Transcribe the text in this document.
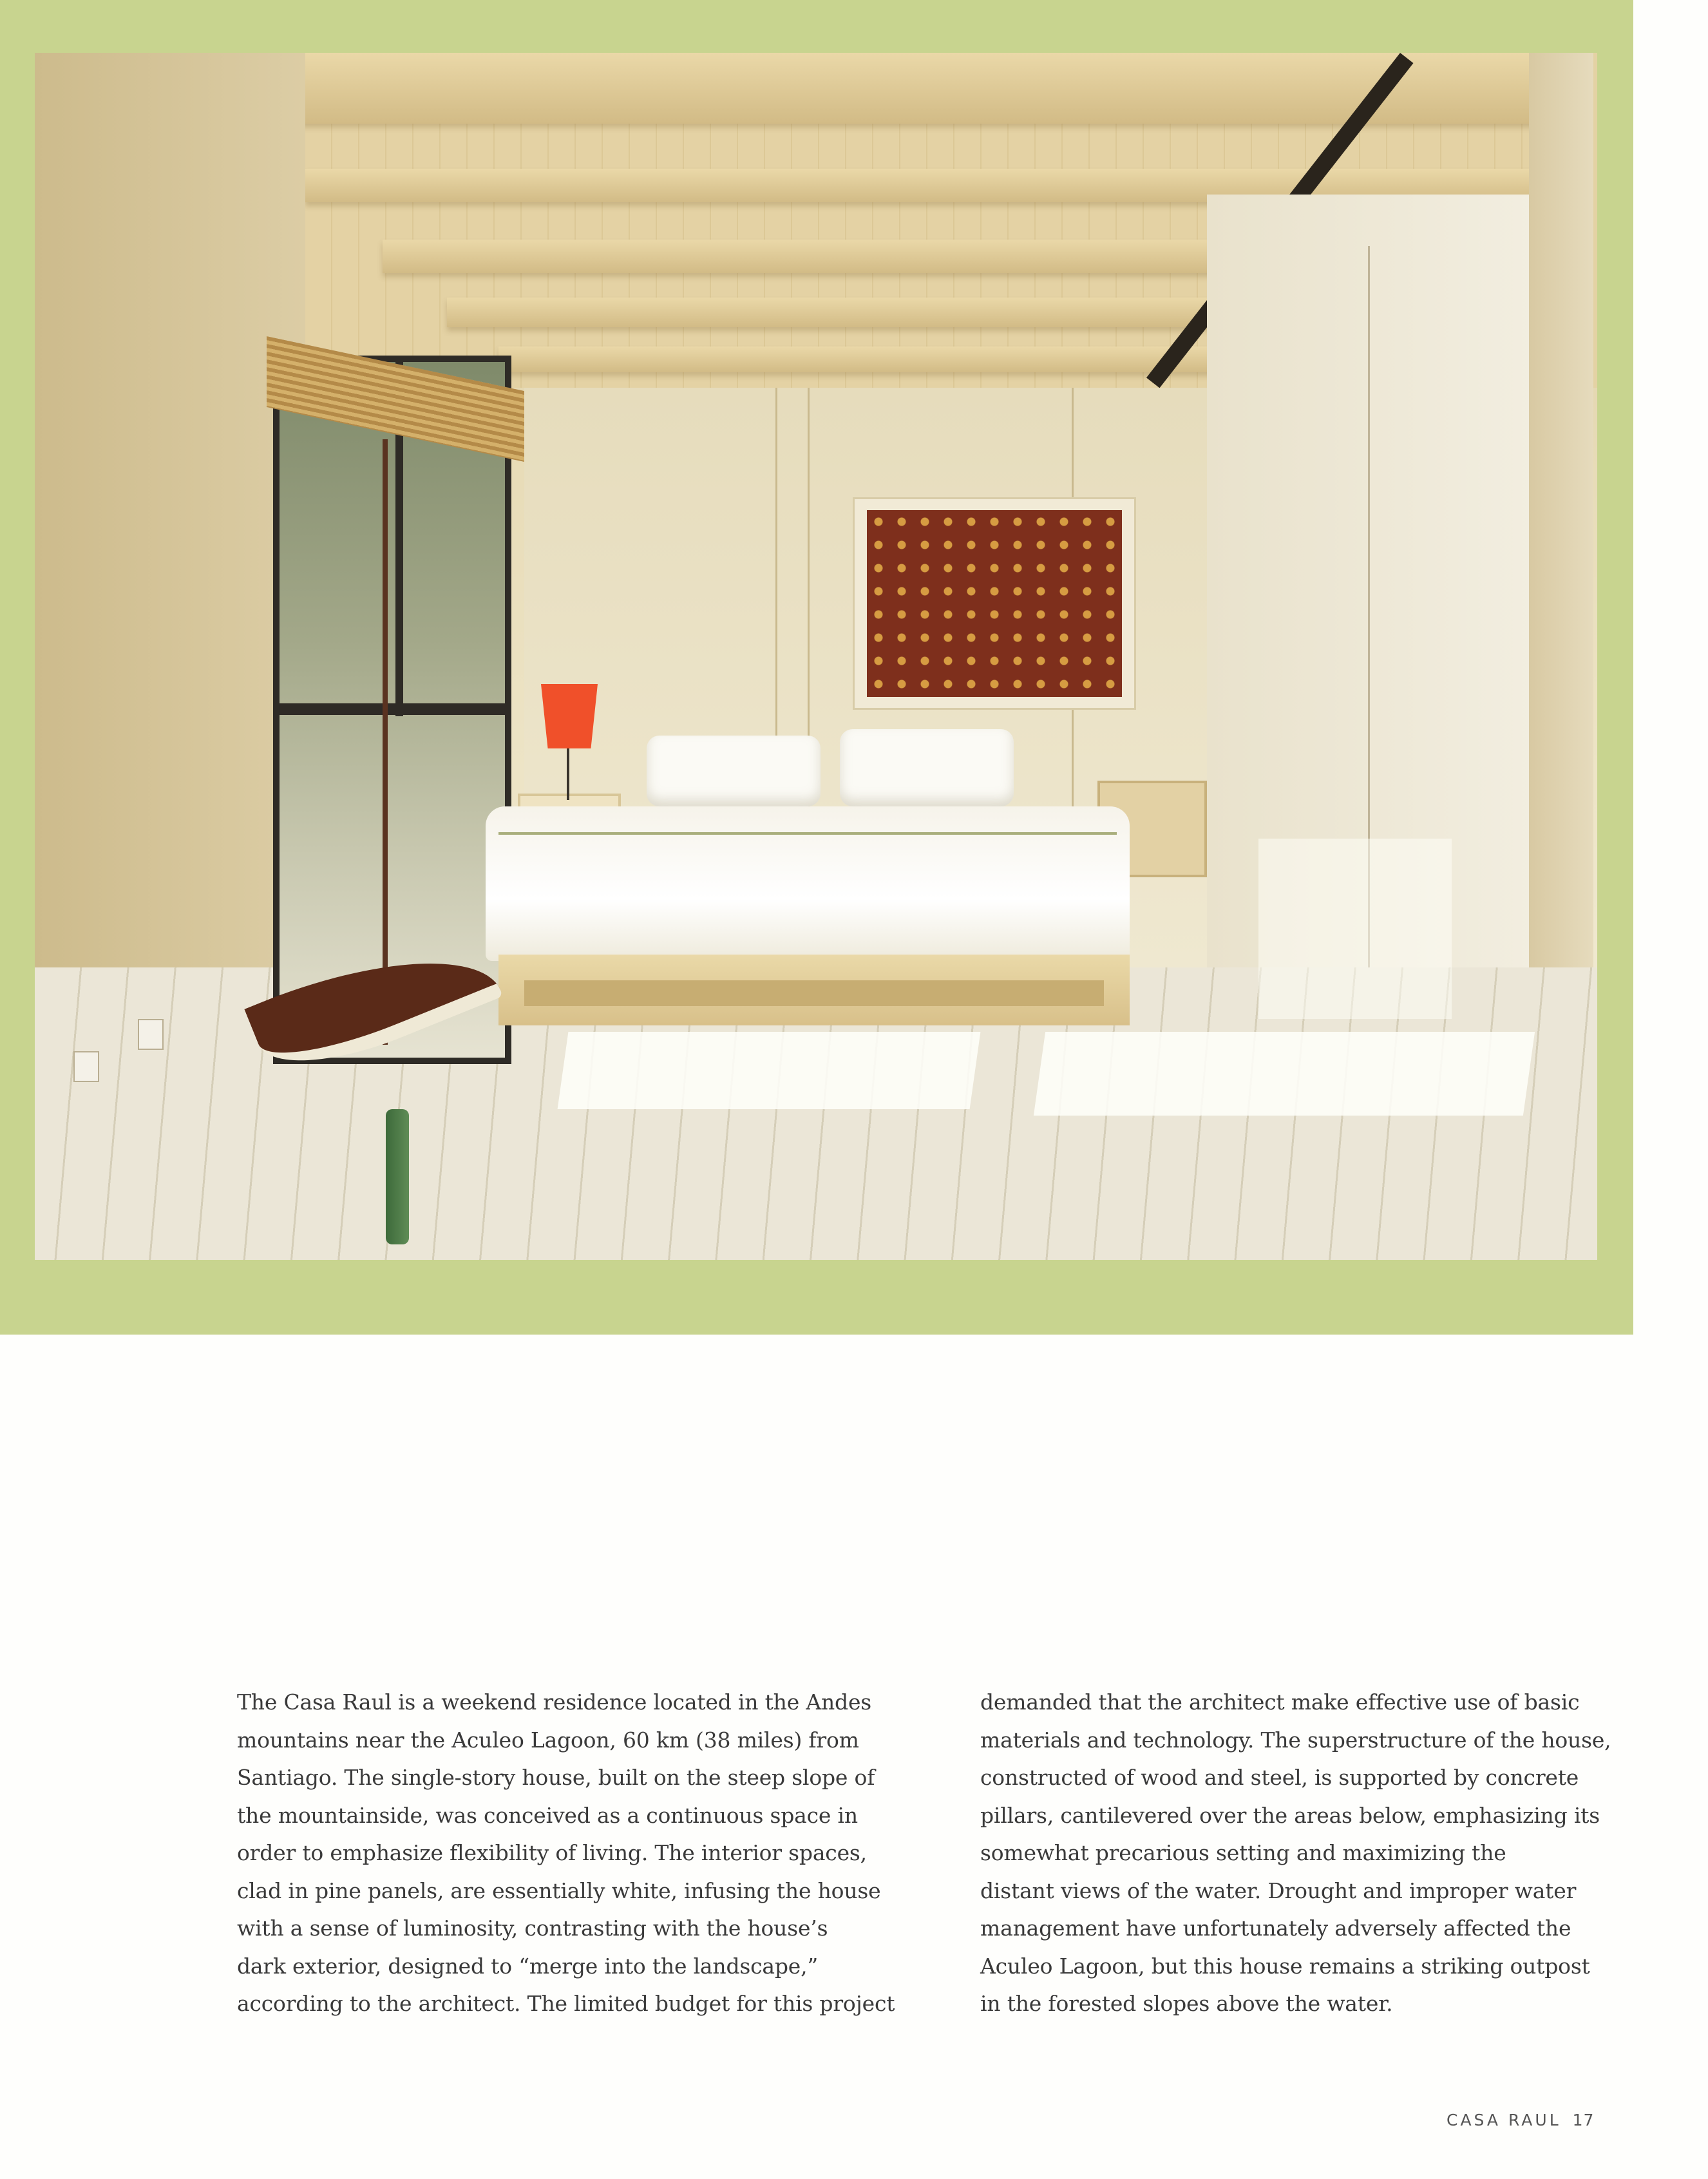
The Casa Raul is a weekend residence located in the Andes

mountains near the Aculeo Lagoon, 60 km (38 miles) from

Santiago. The single-story house, built on the steep slope of

the mountainside, was conceived as a continuous space in

order to emphasize flexibility of living. The interior spaces,

clad in pine panels, are essentially white, infusing the house

with a sense of luminosity, contrasting with the house’s

dark exterior, designed to “merge into the landscape,”

according to the architect. The limited budget for this project

demanded that the architect make effective use of basic

materials and technology. The superstructure of the house,

constructed of wood and steel, is supported by concrete

pillars, cantilevered over the areas below, emphasizing its

somewhat precarious setting and maximizing the

distant views of the water. Drought and improper water

management have unfortunately adversely affected the

Aculeo Lagoon, but this house remains a striking outpost

in the forested slopes above the water.

CASA RAUL 17
